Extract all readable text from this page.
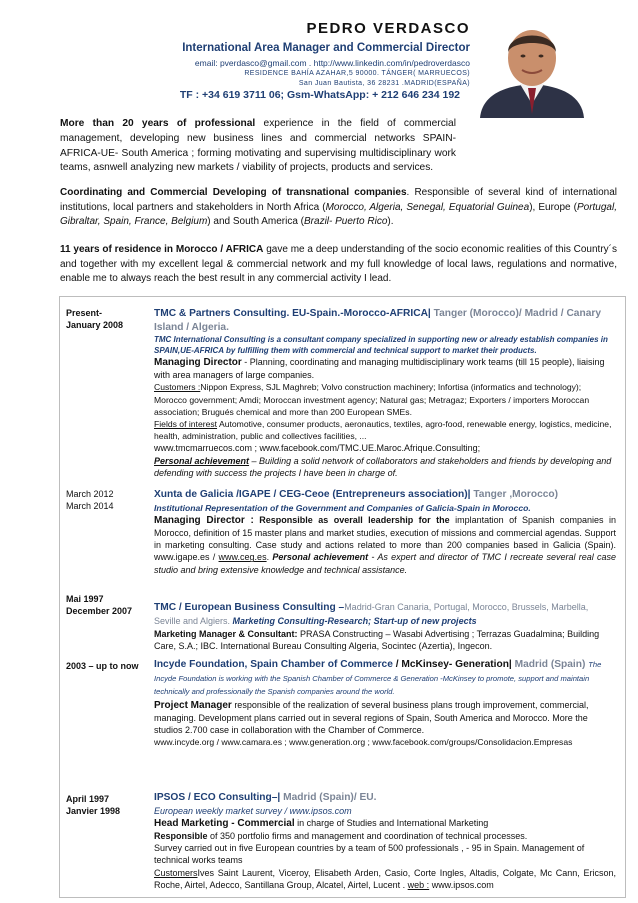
PEDRO VERDASCO
International Area Manager and Commercial Director
email: pverdasco@gmail.com . http://www.linkedin.com/in/pedroverdasco
RESIDENCE BAHÍA AZAHAR,5 90000. TÁNGER( MARRUECOS)
San Juan Bautista, 36 28231 .MADRID(ESPAÑA)
TF : +34 619 3711 06; Gsm-WhatsApp: + 212 646 234 192
More than 20 years of professional experience in the field of commercial management, developing new business lines and commercial networks SPAIN-AFRICA-UE- South America ; forming motivating and supervising multidisciplinary work teams, asnwell analyzing new markets / viability of projects, products and services.
Coordinating and Commercial Developing of transnational companies. Responsible of several kind of international institutions, local partners and stakeholders in North Africa (Morocco, Algeria, Senegal, Equatorial Guinea), Europe (Portugal, Gibraltar, Spain, France, Belgium) and South America (Brazil- Puerto Rico).
11 years of residence in Morocco / AFRICA gave me a deep understanding of the socio economic realities of this Country´s and together with my excellent legal & commercial network and my full knowledge of local laws, regulations and normative, enable me to always reach the best result in any commercial activity I lead.
Present-
January 2008
TMC & Partners Consulting. EU-Spain.-Morocco-AFRICA| Tanger (Morocco)/ Madrid / Canary Island / Algeria.
TMC International Consulting is a consultant company specialized in supporting new or already establish companies in SPAIN,UE-AFRICA by fulfilling them with commercial and technical support to market their products.
Managing Director - Planning, coordinating and managing multidisciplinary work teams (till 15 people), liaising with area managers of large companies.
Customers :Nippon Express, SJL Maghreb; Volvo construction machinery; Infortisa (informatics and technology); Morocco government; Amdi; Moroccan investment agency; Natural gas; Metragaz; Exporters / importers Moroccan association; Brugués chemical and more than 200 European SMEs.
Fields of interest Automotive, consumer products, aeronautics, textiles, agro-food, renewable energy, logistics, medicine, health, administration, public and collectives facilities, ...
www.tmcmarruecos.com ; www.facebook.com/TMC.UE.Maroc.Afrique.Consulting;
Personal achievement – Building a solid network of collaborators and stakeholders and friends by developing and defending with success the projects I have been in charge of.
March 2012
March 2014
Xunta de Galicia /IGAPE / CEG-Ceoe (Entrepreneurs association)| Tanger ,Morocco)
Institutional Representation of the Government and Companies of Galicia-Spain in Morocco.
Managing Director : Responsible as overall leadership for the implantation of Spanish companies in Morocco, definition of 15 master plans and market studies, execution of missions and commercial agendas. Support in marketing consulting. Case study and actions related to more than 200 companies based in Galicia (Spain). www.igape.es / www.ceg.es. Personal achievement - As expert and director of TMC I recreate several real case studio and bring extensive knowledge and technical assistance.
Mai 1997
December 2007 TMC / European Business Consulting –Madrid-Gran Canaria, Portugal, Morocco, Brussels, Marbella, Seville and Algiers. Marketing Consulting-Research; Start-up of new projects
Marketing Manager & Consultant: PRASA Constructing – Wasabi Advertising ; Terrazas Guadalmina; Building Care, S.A.; IBC. International Bureau Consulting Algeria, Socintec (Azertia), Ingecon.
2003 – up to now Incyde Foundation, Spain Chamber of Commerce / McKinsey- Generation| Madrid (Spain) The Incyde Foundation is working with the Spanish Chamber of Commerce & Generation -McKinsey to promote, support and maintain technically and professionally the Spanish companies around the world.
Project Manager responsible of the realization of several business plans trough improvement, commercial, managing. Development plans carried out in several regions of Spain, South America and Morocco. More the studios 2.700 case in collaboration with the Chamber of Commerce.
www.incyde.org / www.camara.es ; www.generation.org ; www.facebook.com/groups/Consolidacion.Empresas
April 1997
Janvier 1998
IPSOS / ECO Consulting–| Madrid (Spain)/ EU.
European weekly market survey / www.ipsos.com
Head Marketing - Commercial in charge of Studies and International Marketing
Responsible of 350 portfolio firms and management and coordination of technical processes.
Survey carried out in five European countries by a team of 500 professionals , - 95 in Spain. Management of technical works teams
CustomersIves Saint Laurent, Viceroy, Elisabeth Arden, Casio, Corte Ingles, Altadis, Colgate, Mc Cann, Ericson, Roche, Airtel, Adecco, Santillana Group, Alcatel, Airtel, Lucent . web : www.ipsos.com
